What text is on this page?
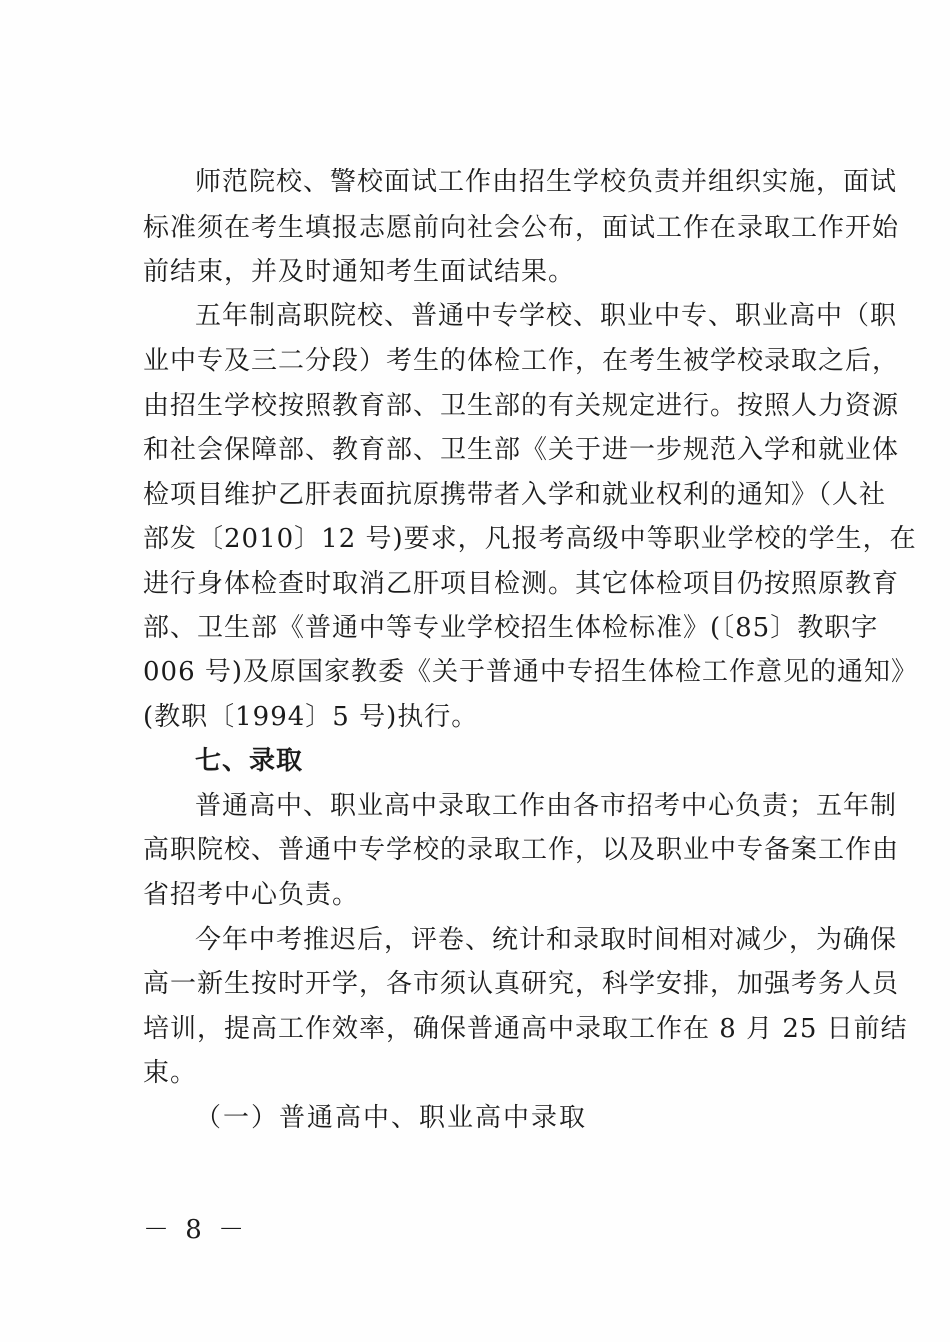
师范院校、警校面试工作由招生学校负责并组织实施，面试
标准须在考生填报志愿前向社会公布，面试工作在录取工作开始
前结束，并及时通知考生面试结果。
五年制高职院校、普通中专学校、职业中专、职业高中（职
业中专及三二分段）考生的体检工作，在考生被学校录取之后，
由招生学校按照教育部、卫生部的有关规定进行。按照人力资源
和社会保障部、教育部、卫生部《关于进一步规范入学和就业体
检项目维护乙肝表面抗原携带者入学和就业权利的通知》（人社
部发〔2010〕12 号)要求，凡报考高级中等职业学校的学生，在
进行身体检查时取消乙肝项目检测。其它体检项目仍按照原教育
部、卫生部《普通中等专业学校招生体检标准》(〔85〕教职字
006 号)及原国家教委《关于普通中专招生体检工作意见的通知》
(教职〔1994〕5 号)执行。
七、录取
普通高中、职业高中录取工作由各市招考中心负责；五年制
高职院校、普通中专学校的录取工作，以及职业中专备案工作由
省招考中心负责。
今年中考推迟后，评卷、统计和录取时间相对减少，为确保
高一新生按时开学，各市须认真研究，科学安排，加强考务人员
培训，提高工作效率，确保普通高中录取工作在 8 月 25 日前结
束。
（一）普通高中、职业高中录取
－ 8 －
